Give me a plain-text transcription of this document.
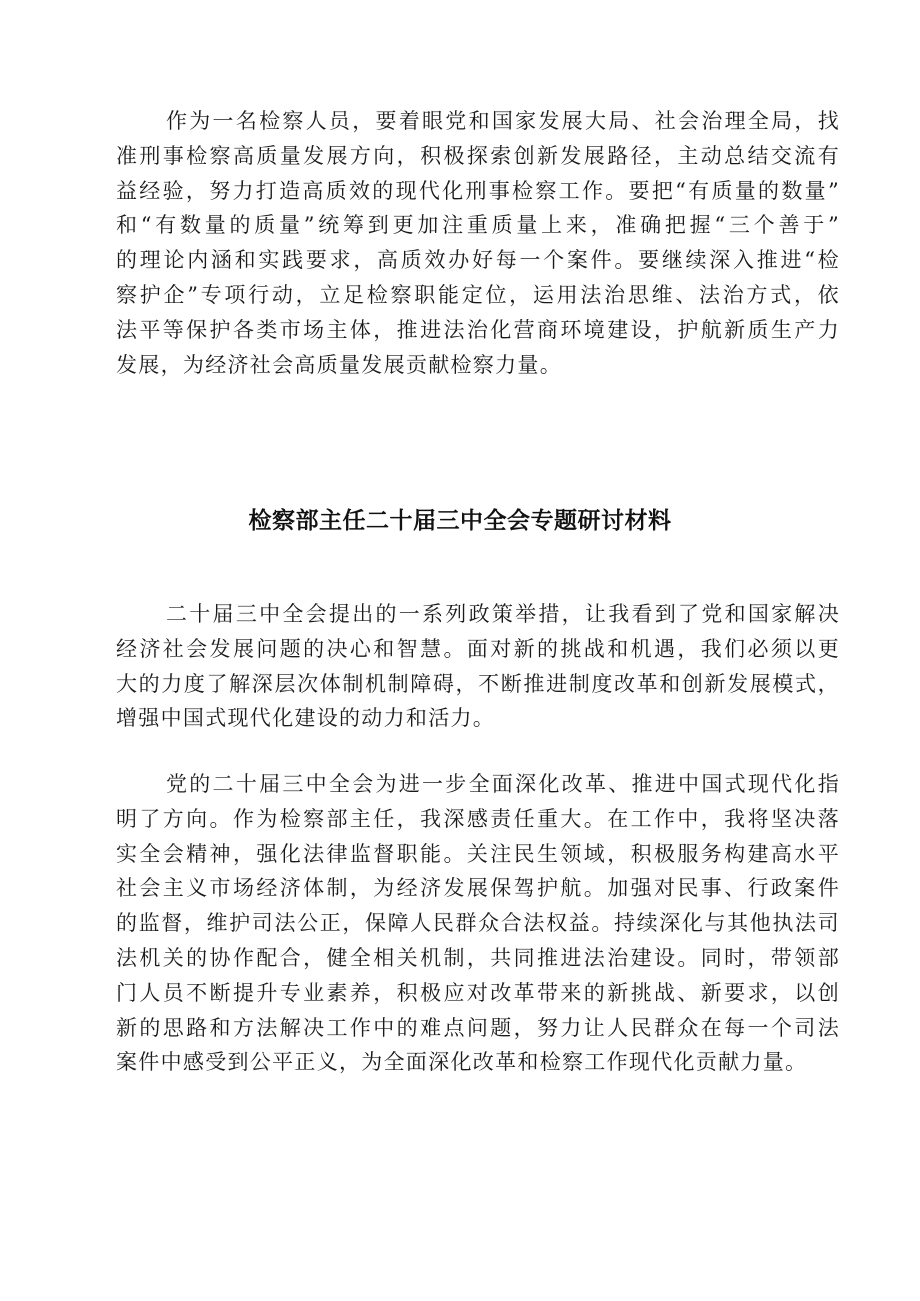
作为一名检察人员，要着眼党和国家发展大局、社会治理全局，找
准刑事检察高质量发展方向，积极探索创新发展路径，主动总结交流有
益经验，努力打造高质效的现代化刑事检察工作。要把“有质量的数量”
和“有数量的质量”统筹到更加注重质量上来，准确把握“三个善于”
的理论内涵和实践要求，高质效办好每一个案件。要继续深入推进“检
察护企”专项行动，立足检察职能定位，运用法治思维、法治方式，依
法平等保护各类市场主体，推进法治化营商环境建设，护航新质生产力
发展，为经济社会高质量发展贡献检察力量。
检察部主任二十届三中全会专题研讨材料
二十届三中全会提出的一系列政策举措，让我看到了党和国家解决
经济社会发展问题的决心和智慧。面对新的挑战和机遇，我们必须以更
大的力度了解深层次体制机制障碍，不断推进制度改革和创新发展模式，
增强中国式现代化建设的动力和活力。
党的二十届三中全会为进一步全面深化改革、推进中国式现代化指
明了方向。作为检察部主任，我深感责任重大。在工作中，我将坚决落
实全会精神，强化法律监督职能。关注民生领域，积极服务构建高水平
社会主义市场经济体制，为经济发展保驾护航。加强对民事、行政案件
的监督，维护司法公正，保障人民群众合法权益。持续深化与其他执法司
法机关的协作配合，健全相关机制，共同推进法治建设。同时，带领部
门人员不断提升专业素养，积极应对改革带来的新挑战、新要求，以创
新的思路和方法解决工作中的难点问题，努力让人民群众在每一个司法
案件中感受到公平正义，为全面深化改革和检察工作现代化贡献力量。
